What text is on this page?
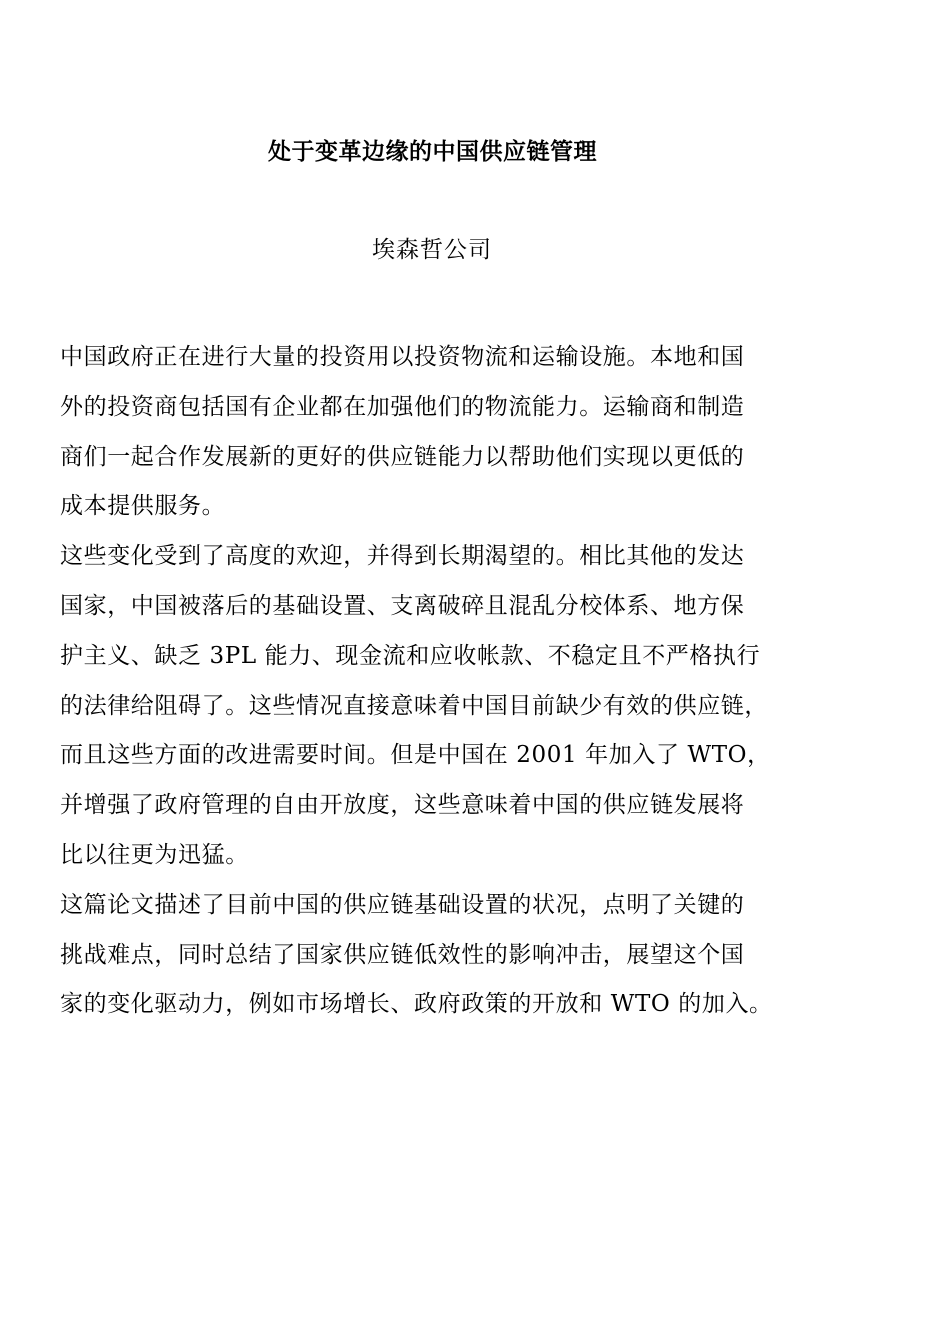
处于变革边缘的中国供应链管理
埃森哲公司
中国政府正在进行大量的投资用以投资物流和运输设施。本地和国
外的投资商包括国有企业都在加强他们的物流能力。运输商和制造
商们一起合作发展新的更好的供应链能力以帮助他们实现以更低的
成本提供服务。
这些变化受到了高度的欢迎，并得到长期渴望的。相比其他的发达
国家，中国被落后的基础设置、支离破碎且混乱分校体系、地方保
护主义、缺乏 3PL 能力、现金流和应收帐款、不稳定且不严格执行
的法律给阻碍了。这些情况直接意味着中国目前缺少有效的供应链，
而且这些方面的改进需要时间。但是中国在 2001 年加入了 WTO，
并增强了政府管理的自由开放度，这些意味着中国的供应链发展将
比以往更为迅猛。
这篇论文描述了目前中国的供应链基础设置的状况，点明了关键的
挑战难点，同时总结了国家供应链低效性的影响冲击，展望这个国
家的变化驱动力，例如市场增长、政府政策的开放和 WTO 的加入。
